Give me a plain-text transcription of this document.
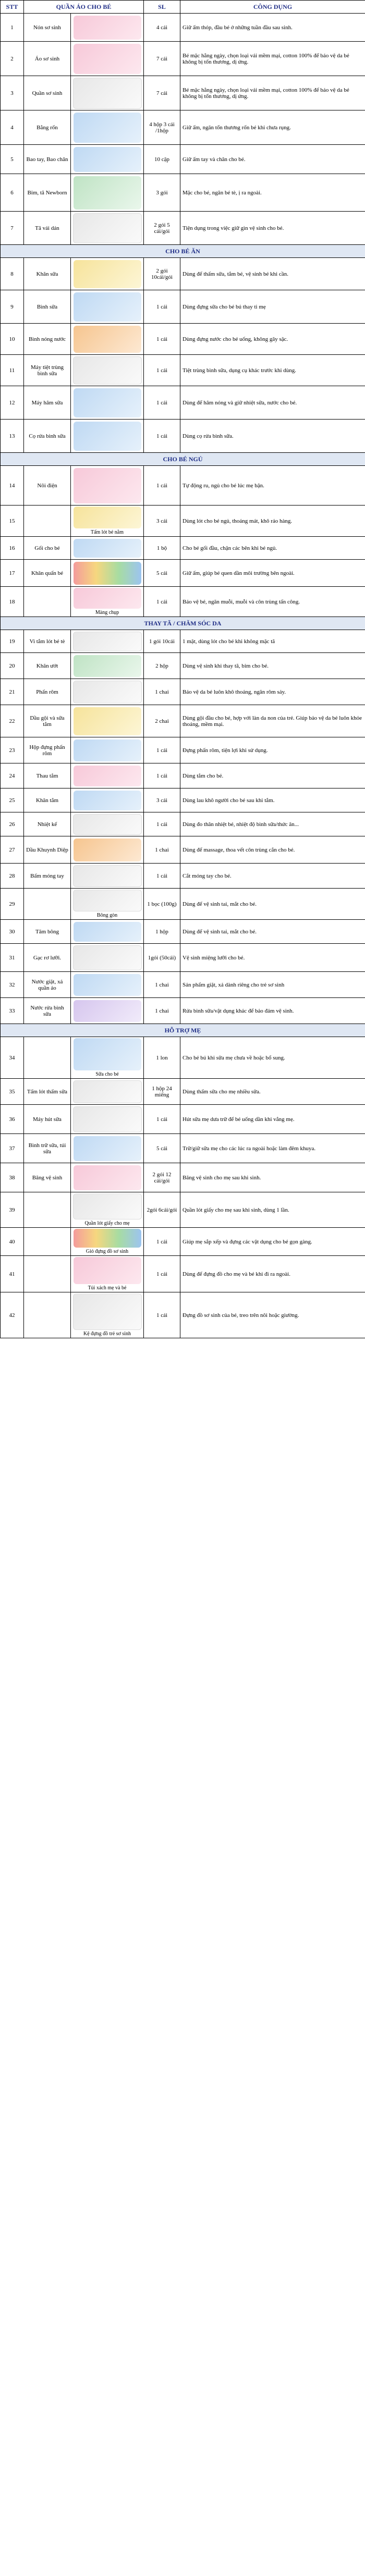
STT	QUẦN ÁO CHO BÉ		SL	CÔNG DỤNG
1	Nón sơ sinh		4 cái	Giữ ấm thóp, đầu bé ở những tuần đầu sau sinh.
2	Áo sơ sinh		7 cái	Bé mặc hằng ngày, chọn loại vải mềm mại, cotton 100% để bảo vệ da bé không bị tổn thương, dị ứng.
3	Quần sơ sinh		7 cái	Bé mặc hằng ngày, chọn loại vải mềm mại, cotton 100% để bảo vệ da bé không bị tổn thương, dị ứng.
4	Bằng rốn		4 hộp 3 cái /1hộp	Giữ ấm, ngăn tổn thương rốn bé khi chưa rụng.
5	Bao tay, Bao chân		10 cặp	Giữ ấm tay và chân cho bé.
6	Bỉm, tã Newborn		3 gói	Mặc cho bé, ngăn bé tè, ị ra ngoài.
7	Tã vải dán		2 gói 5 cái/gói	Tiện dụng trong việc giữ gìn vệ sinh cho bé.
CHO BÉ ĂN				
8	Khăn sữa		2 gói 10cái/gói	Dùng để thấm sữa, tắm bé, vệ sinh bé khi cần.
9	Bình sữa		1 cái	Dùng đựng sữa cho bé bú thay ti mẹ
10	Bình nóng nước		1 cái	Dùng đựng nước cho bé uống, không gây sặc.
11	Máy tiệt trùng bình sữa		1 cái	Tiệt trùng bình sữa, dụng cụ khác trước khi dùng.
12	Máy hâm sữa		1 cái	Dùng để hâm nóng và giữ nhiệt sữa, nước cho bé.
13	Cọ rửa bình sữa		1 cái	Dùng cọ rửa bình sữa.
CHO BÉ NGỦ				
14	Nôi điện		1 cái	Tự động ru, ngủ cho bé lúc mẹ bận.
15		Tấm lót bé nằm	3 cái	Dùng lót cho bé ngủ, thoáng mát, khô ráo hàng.
16	Gối cho bé		1 bộ	Cho bé gối đầu, chặn các bên khi bé ngủ.
17	Khăn quấn bé		5 cái	Giữ ấm, giúp bé quen dần môi trường bên ngoài.
18		Màng chụp	1 cái	Bảo vệ bé, ngăn muỗi, muỗi và côn trùng tấn công.
THAY TÃ / CHĂM SÓC DA				
19	Vi tắm lót bé tè		1 gói 10cái	1 mặt, dùng lót cho bé khi không mặc tã
20	Khăn ướt		2 hộp	Dùng vệ sinh khi thay tã, bỉm cho bé.
21	Phấn rôm		1 chai	Bảo vệ da bé luôn khô thoáng, ngăn rôm sảy.
22	Dầu gội và sữa tắm		2 chai	Dùng gội đầu cho bé, hợp với làn da non của trẻ. Giúp bảo vệ da bé luôn khỏe thoáng, mềm mại.
23	Hộp đựng phấn rôm		1 cái	Đựng phấn rôm, tiện lợi khi sử dụng.
24	Thau tắm		1 cái	Dùng tắm cho bé.
25	Khăn tắm		3 cái	Dùng lau khô người cho bé sau khi tắm.
26	Nhiệt kế		1 cái	Dùng đo thân nhiệt bé, nhiệt độ bình sữa/thức ăn...
27	Dầu Khuynh Diệp		1 chai	Dùng để massage, thoa vết côn trùng cắn cho bé.
28	Bấm móng tay		1 cái	Cắt móng tay cho bé.
29		Bông gòn	1 bọc (100g)	Dùng để vệ sinh tai, mắt cho bé.
30	Tăm bông		1 hộp	Dùng để vệ sinh tai, mắt cho bé.
31	Gạc rơ lưỡi.		1gói (50cái)	Vệ sinh miệng lưỡi cho bé.
32	Nước giặt, xả quần áo		1 chai	Sản phẩm giặt, xả dành riêng cho trẻ sơ sinh
33	Nước rửa bình sữa		1 chai	Rửa bình sữa/vật dụng khác để bảo đảm vệ sinh.
HỖ TRỢ MẸ				
34		Sữa cho bé	1 lon	Cho bé bú khi sữa mẹ chưa về hoặc bổ sung.
35	Tấm lót thấm sữa		1 hộp 24 miếng	Dùng thấm sữa cho mẹ nhiều sữa.
36	Máy hút sữa		1 cái	Hút sữa mẹ dưa trữ để bé uống dần khi vắng mẹ.
37	Bình trữ sữa, túi sữa		5 cái	Trữ/giữ sữa mẹ cho các lúc ra ngoài hoặc làm đêm khuya.
38	Băng vệ sinh		2 gói 12 cái/gói	Băng vệ sinh cho mẹ sau khi sinh.
39		Quần lót giấy cho mẹ	2gói 6cái/gói	Quần lót giấy cho mẹ sau khi sinh, dùng 1 lần.
40		Giỏ đựng đồ sơ sinh	1 cái	Giúp mẹ sắp xếp và đựng các vật dụng cho bé gọn gàng.
41		Túi xách mẹ và bé	1 cái	Dùng để đựng đồ cho mẹ và bé khi đi ra ngoài.
42		Kệ đựng đồ trẻ sơ sinh	1 cái	Đựng đồ sơ sinh của bé, treo trên nôi hoặc giường.
